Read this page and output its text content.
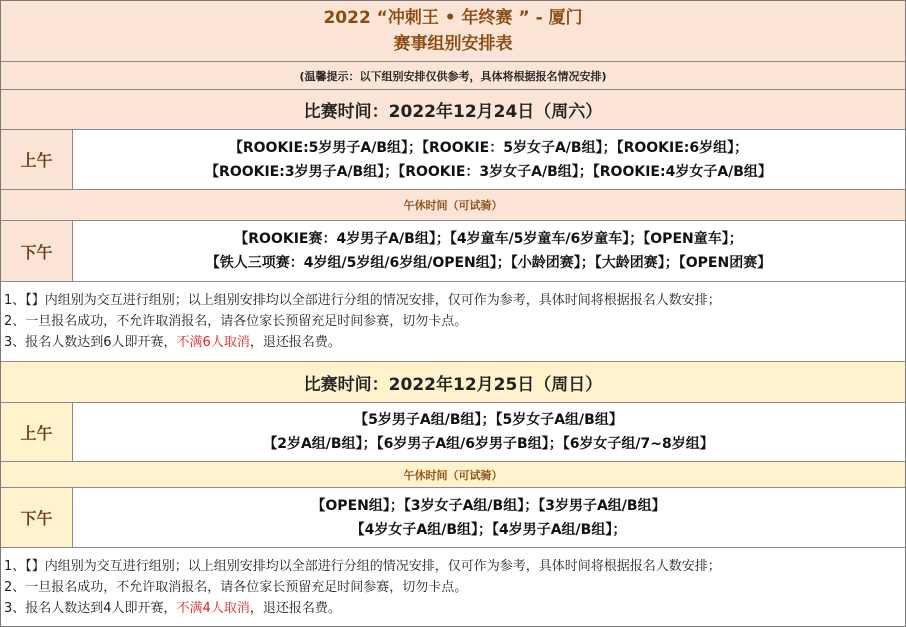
2022 “冲刺王 • 年终赛 ” - 厦门
赛事组别安排表
(温馨提示：以下组别安排仅供参考，具体将根据报名情况安排)
比赛时间：2022年12月24日（周六）
上午
【ROOKIE:5岁男子A/B组】；【ROOKIE：5岁女子A/B组】；【ROOKIE:6岁组】；
【ROOKIE:3岁男子A/B组】；【ROOKIE：3岁女子A/B组】；【ROOKIE:4岁女子A/B组】
午休时间（可试骑）
下午
【ROOKIE赛：4岁男子A/B组】；【4岁童车/5岁童车/6岁童车】；【OPEN童车】；
【铁人三项赛：4岁组/5岁组/6岁组/OPEN组】；【小龄团赛】；【大龄团赛】；【OPEN团赛】
1、【】内组别为交互进行组别；以上组别安排均以全部进行分组的情况安排，仅可作为参考，具体时间将根据报名人数安排；
2、一旦报名成功，不允许取消报名，请各位家长预留充足时间参赛，切勿卡点。
3、报名人数达到6人即开赛，不满6人取消，退还报名费。
比赛时间：2022年12月25日（周日）
上午
【5岁男子A组/B组】；【5岁女子A组/B组】
【2岁A组/B组】；【6岁男子A组/6岁男子B组】；【6岁女子组/7~8岁组】
午休时间（可试骑）
下午
【OPEN组】；【3岁女子A组/B组】；【3岁男子A组/B组】
【4岁女子A组/B组】；【4岁男子A组/B组】；
1、【】内组别为交互进行组别；以上组别安排均以全部进行分组的情况安排，仅可作为参考，具体时间将根据报名人数安排；
2、一旦报名成功，不允许取消报名，请各位家长预留充足时间参赛，切勿卡点。
3、报名人数达到4人即开赛，不满4人取消，退还报名费。
